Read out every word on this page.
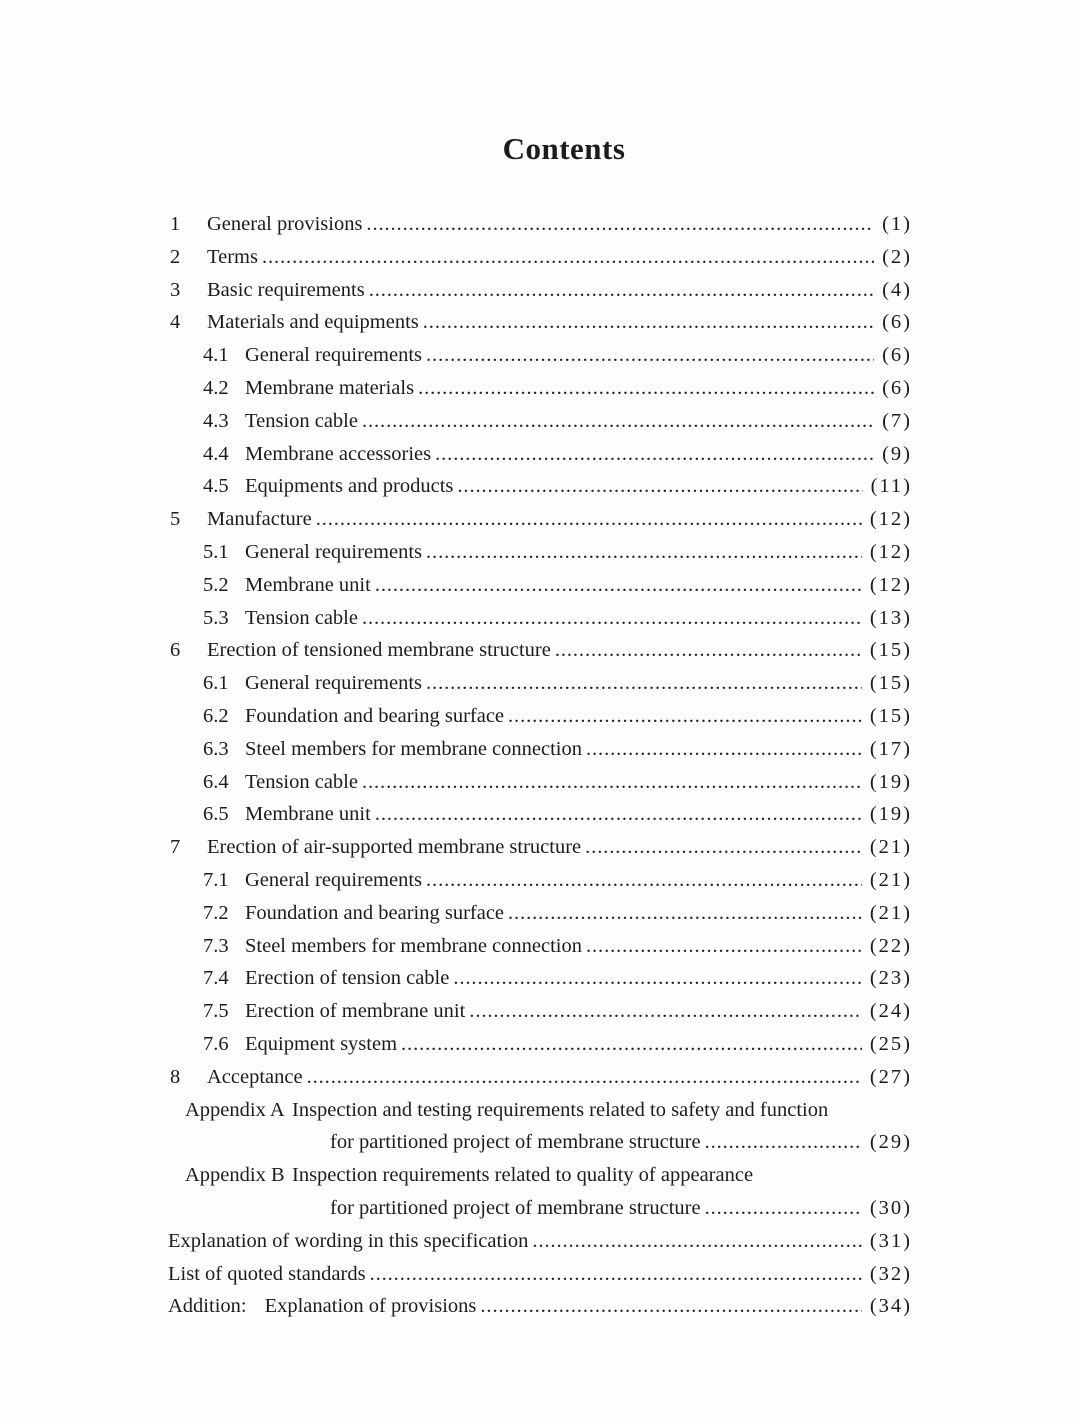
Contents
1	General provisions .....	(1)
2	Terms .....	(2)
3	Basic requirements .....	(4)
4	Materials and equipments .....	(6)
4.1 General requirements .....	(6)
4.2 Membrane materials .....	(6)
4.3 Tension cable .....	(7)
4.4 Membrane accessories .....	(9)
4.5 Equipments and products .....	(11)
5	Manufacture .....	(12)
5.1 General requirements .....	(12)
5.2 Membrane unit .....	(12)
5.3 Tension cable .....	(13)
6	Erection of tensioned membrane structure .....	(15)
6.1 General requirements .....	(15)
6.2 Foundation and bearing surface .....	(15)
6.3 Steel members for membrane connection .....	(17)
6.4 Tension cable .....	(19)
6.5 Membrane unit .....	(19)
7	Erection of air-supported membrane structure .....	(21)
7.1 General requirements .....	(21)
7.2 Foundation and bearing surface .....	(21)
7.3 Steel members for membrane connection .....	(22)
7.4 Erection of tension cable .....	(23)
7.5 Erection of membrane unit .....	(24)
7.6 Equipment system .....	(25)
8	Acceptance .....	(27)
Appendix A Inspection and testing requirements related to safety and function
for partitioned project of membrane structure .....	(29)
Appendix B Inspection requirements related to quality of appearance
for partitioned project of membrane structure .....	(30)
Explanation of wording in this specification .....	(31)
List of quoted standards .....	(32)
Addition: Explanation of provisions .....	(34)
